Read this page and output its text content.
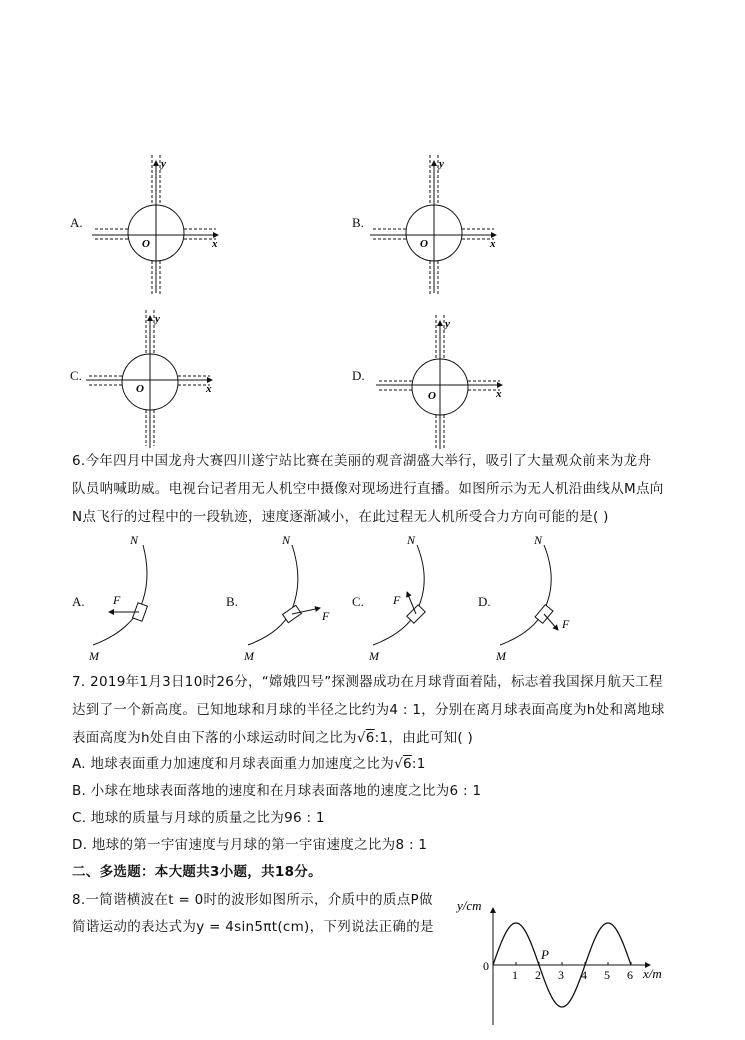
A.
y
x
O
B.
y
x
O
C.
y
x
O
D.
y
x
O
6.今年四月中国龙舟大赛四川遂宁站比赛在美丽的观音湖盛大举行，吸引了大量观众前来为龙舟
队员呐喊助威。电视台记者用无人机空中摄像对现场进行直播。如图所示为无人机沿曲线从M点向
N点飞行的过程中的一段轨迹，速度逐渐减小，在此过程无人机所受合力方向可能的是( )
A.
N
M
F	B.
N
M
F
C.
N
M
F	D.
N
M
F
7. 2019年1月3日10时26分，“嫦娥四号”探测器成功在月球背面着陆，标志着我国探月航天工程
达到了一个新高度。已知地球和月球的半径之比约为4 : 1，分别在离月球表面高度为h处和离地球
表面高度为h处自由下落的小球运动时间之比为√6:1，由此可知( )
A. 地球表面重力加速度和月球表面重力加速度之比为√6:1
B. 小球在地球表面落地的速度和在月球表面落地的速度之比为6 : 1
C. 地球的质量与月球的质量之比为96 : 1
D. 地球的第一宇宙速度与月球的第一宇宙速度之比为8 : 1
二、多选题：本大题共3小题，共18分。
8.一简谐横波在t = 0时的波形如图所示，介质中的质点P做
简谐运动的表达式为y = 4sin5πt(cm)，下列说法正确的是
y/cm
x/m
0
1 2 3 4 5 6
P
